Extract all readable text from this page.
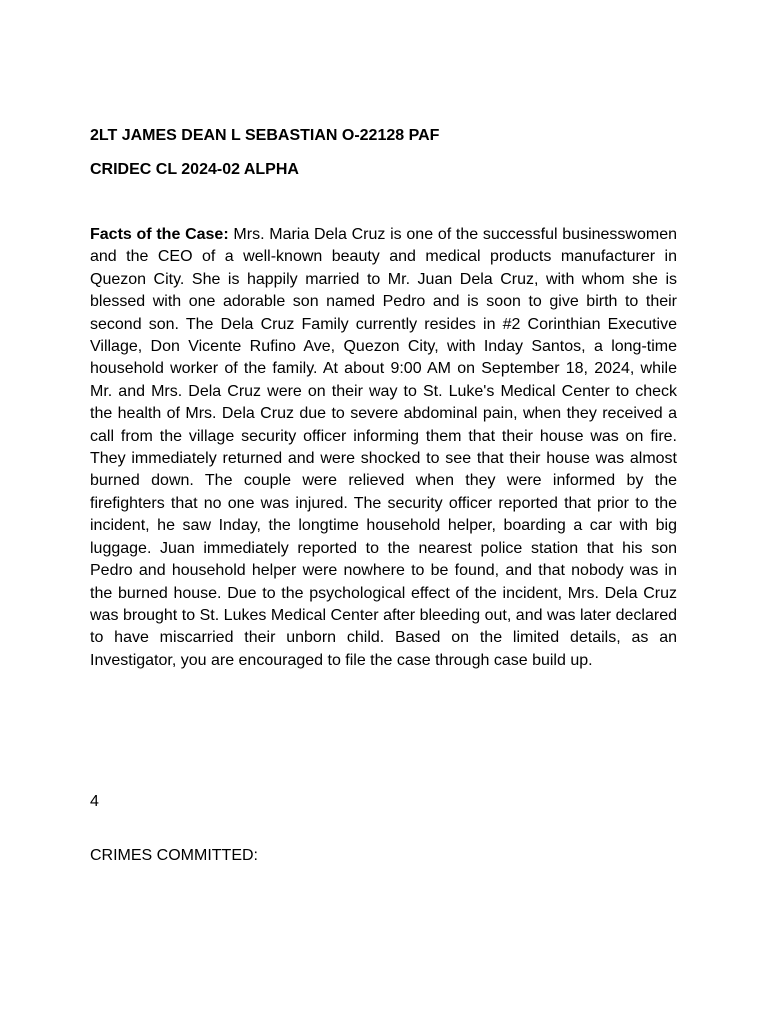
2LT JAMES DEAN L SEBASTIAN O-22128 PAF
CRIDEC CL 2024-02 ALPHA

Facts of the Case: Mrs. Maria Dela Cruz is one of the successful businesswomen and the CEO of a well-known beauty and medical products manufacturer in Quezon City. She is happily married to Mr. Juan Dela Cruz, with whom she is blessed with one adorable son named Pedro and is soon to give birth to their second son. The Dela Cruz Family currently resides in #2 Corinthian Executive Village, Don Vicente Rufino Ave, Quezon City, with Inday Santos, a long-time household worker of the family. At about 9:00 AM on September 18, 2024, while Mr. and Mrs. Dela Cruz were on their way to St. Luke's Medical Center to check the health of Mrs. Dela Cruz due to severe abdominal pain, when they received a call from the village security officer informing them that their house was on fire. They immediately returned and were shocked to see that their house was almost burned down. The couple were relieved when they were informed by the firefighters that no one was injured. The security officer reported that prior to the incident, he saw Inday, the longtime household helper, boarding a car with big luggage. Juan immediately reported to the nearest police station that his son Pedro and household helper were nowhere to be found, and that nobody was in the burned house. Due to the psychological effect of the incident, Mrs. Dela Cruz was brought to St. Lukes Medical Center after bleeding out, and was later declared to have miscarried their unborn child. Based on the limited details, as an Investigator, you are encouraged to file the case through case build up.

4
CRIMES COMMITTED:
